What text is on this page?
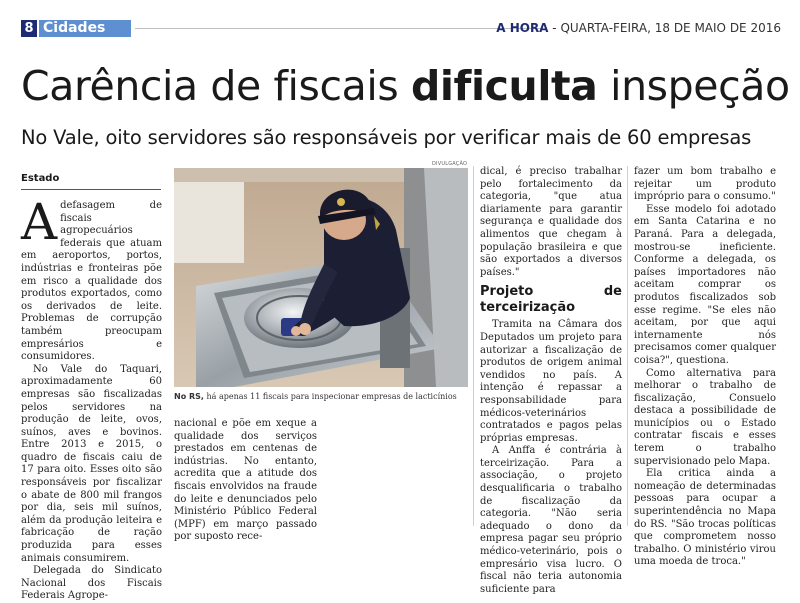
8 Cidades	A HORA - QUARTA-FEIRA, 18 DE MAIO DE 2016
Carência de fiscais dificulta inspeção
No Vale, oito servidores são responsáveis por verificar mais de 60 empresas
Estado

Adefasagem de fiscais agropecuários federais que atuam em aeroportos, portos, indústrias e fronteiras põe em risco a qualidade dos produtos exportados, como os derivados de leite. Problemas de corrupção também preocupam empresários e consumidores.

No Vale do Taquari, aproximadamente 60 empresas são fiscalizadas pelos servidores na produção de leite, ovos, suínos, aves e bovinos. Entre 2013 e 2015, o quadro de fiscais caiu de 17 para oito. Esses oito são responsáveis por fiscalizar o abate de 800 mil frangos por dia, seis mil suínos, além da produção leiteira e fabricação de ração produzida para esses animais consumirem.

Delegada do Sindicato Nacional dos Fiscais Federais Agrope-

DIVULGAÇÃO
No RS, há apenas 11 fiscais para inspecionar empresas de lacticínios

nacional e põe em xeque a qualidade dos serviços prestados em centenas de indústrias. No entanto, acredita que a atitude dos fiscais envolvidos na fraude do leite e denunciados pelo Ministério Público Federal (MPF) em março passado por suposto rece-

dical, é preciso trabalhar pelo fortalecimento da categoria, "que atua diariamente para garantir segurança e qualidade dos alimentos que chegam à população brasileira e que são exportados a diversos países."

Projeto de terceirização

Tramita na Câmara dos Deputados um projeto para autorizar a fiscalização de produtos de origem animal vendidos no país. A intenção é repassar a responsabilidade para médicos-veterinários contratados e pagos pelas próprias empresas.

A Anffa é contrária à terceirização. Para a associação, o projeto desqualificaria o trabalho de fiscalização da categoria. "Não seria adequado o dono da empresa pagar seu próprio médico-veterinário, pois o empresário visa lucro. O fiscal não teria autonomia suficiente para

fazer um bom trabalho e rejeitar um produto impróprio para o consumo."

Esse modelo foi adotado em Santa Catarina e no Paraná. Para a delegada, mostrou-se ineficiente. Conforme a delegada, os países importadores não aceitam comprar os produtos fiscalizados sob esse regime. "Se eles não aceitam, por que aqui internamente nós precisamos comer qualquer coisa?", questiona.

Como alternativa para melhorar o trabalho de fiscalização, Consuelo destaca a possibilidade de municípios ou o Estado contratar fiscais e esses terem o trabalho supervisionado pelo Mapa.

Ela critica ainda a nomeação de determinadas pessoas para ocupar a superintendência no Mapa do RS. "São trocas políticas que comprometem nosso trabalho. O ministério virou uma moeda de troca."
